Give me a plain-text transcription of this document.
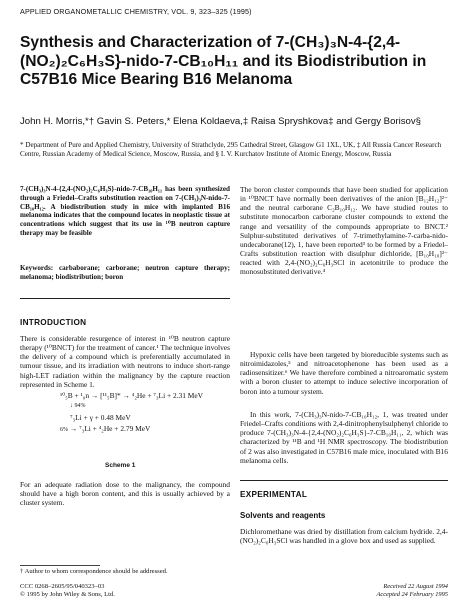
APPLIED ORGANOMETALLIC CHEMISTRY, VOL. 9, 323–325 (1995)
Synthesis and Characterization of 7-(CH₃)₃N-4-{2,4-(NO₂)₂C₆H₃S}-nido-7-CB₁₀H₁₁ and its Biodistribution in C57B16 Mice Bearing B16 Melanoma
John H. Morris,*† Gavin S. Peters,* Elena Koldaeva,‡ Raisa Spryshkova‡ and Gergy Borisov§
* Department of Pure and Applied Chemistry, University of Strathclyde, 295 Cathedral Street, Glasgow G1 1XL, UK, ‡ All Russia Cancer Research Centre, Russian Academy of Medical Science, Moscow, Russia, and § I. V. Kurchatov Institute of Atomic Energy, Moscow, Russia
7-(CH₃)₃N-4-{2,4-(NO₂)₂C₆H₃S}-nido-7-CB₁₀H₁₁ has been synthesized through a Friedel–Crafts substitution reaction on 7-(CH₃)₃N-nido-7-CB₁₀H₁₂. A biodistribution study in mice with implanted B16 melanoma indicates that the compound locates in neoplastic tissue at concentrations which suggest that its use in ¹⁰B neutron capture therapy may be feasible
Keywords: carbaborane; carborane; neutron capture therapy; melanoma; biodistribution; boron
INTRODUCTION
There is considerable resurgence of interest in ¹⁰B neutron capture therapy (¹⁰BNCT) for the treatment of cancer.¹ The technique involves the delivery of a compound which is preferentially accumulated in tumour tissue, and its irradiation with neutrons to induce short-range high-LET radiation within the malignancy by the capture reaction represented in Scheme 1.
¹⁰₅B + ¹₀n → [¹¹₅B]* → ⁴₂He + ⁷₃Li + 2.31 MeV
↓ 94%
⁷₃Li + γ + 0.48 MeV
6% → ⁷₃Li + ⁴₂He + 2.79 MeV
Scheme 1
For an adequate radiation dose to the malignancy, the compound should have a high boron content, and this is usually achieved by a cluster system.
† Author to whom correspondence should be addressed.
CCC 0268–2605/95/040323–03
© 1995 by John Wiley & Sons, Ltd.
The boron cluster compounds that have been studied for application in ¹⁰BNCT have normally been derivatives of the anion [B₁₂H₁₂]²⁻ and the neutral carborane C₂B₁₀H₁₂. We have studied routes to substitute monocarbon carborane cluster compounds to extend the range and versatility of the compounds appropriate to BNCT.² Sulphur-substituted derivatives of 7-trimethylamine-7-carba-nido-undecaborane(12), 1, have been reported³ to be formed by a Friedel–Crafts substitution reaction with disulphur dichloride, [B₁₀H₁₀]²⁻ reacted with 2,4-(NO₂)₂C₆H₃SCl in acetonitrile to produce the monosubstituted derivative.⁴
Hypoxic cells have been targeted by bioreducible systems such as nitroimidazoles,⁵ and nitroacetophenone has been used as a radiosensitizer.⁶ We have therefore combined a nitroaromatic system with a boron cluster to attempt to induce selective incorporation of boron into a tumour system.
In this work, 7-(CH₃)₃N-nido-7-CB₁₀H₁₂, 1, was treated under Friedel–Crafts conditions with 2,4-dinitrophenylsulphenyl chloride to produce 7-(CH₃)₃N-4-{2,4-(NO₂)₂C₆H₃S}-7-CB₁₀H₁₁, 2, which was characterized by ¹¹B and ¹H NMR spectroscopy. The biodistribution of 2 was also investigated in C57B16 male mice, inoculated with B16 melanoma cells.
EXPERIMENTAL
Solvents and reagents
Dichloromethane was dried by distillation from calcium hydride. 2,4-(NO₂)₂C₆H₃SCl was handled in a glove box and used as supplied.
Received 22 August 1994
Accepted 24 February 1995
